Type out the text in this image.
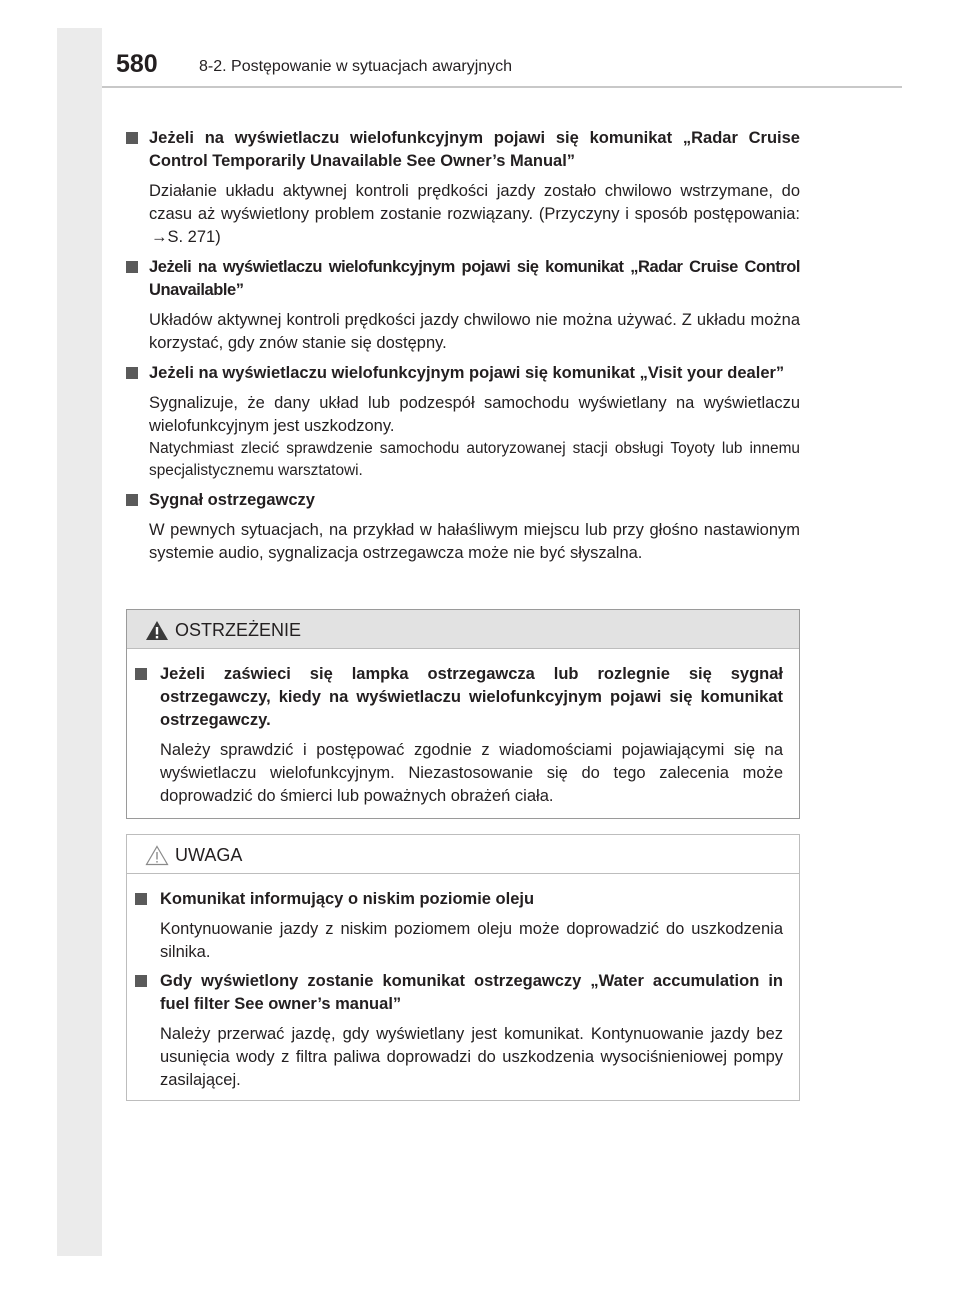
580	8-2. Postępowanie w sytuacjach awaryjnych
Jeżeli na wyświetlaczu wielofunkcyjnym pojawi się komunikat „Radar Cruise Control Temporarily Unavailable See Owner’s Manual”
Działanie układu aktywnej kontroli prędkości jazdy zostało chwilowo wstrzymane, do czasu aż wyświetlony problem zostanie rozwiązany. (Przyczyny i sposób postępowania: →S. 271)
Jeżeli na wyświetlaczu wielofunkcyjnym pojawi się komunikat „Radar Cruise Control Unavailable”
Układów aktywnej kontroli prędkości jazdy chwilowo nie można używać. Z układu można korzystać, gdy znów stanie się dostępny.
Jeżeli na wyświetlaczu wielofunkcyjnym pojawi się komunikat „Visit your dealer”
Sygnalizuje, że dany układ lub podzespół samochodu wyświetlany na wyświetlaczu wielofunkcyjnym jest uszkodzony.
Natychmiast zlecić sprawdzenie samochodu autoryzowanej stacji obsługi Toyoty lub innemu specjalistycznemu warsztatowi.
Sygnał ostrzegawczy
W pewnych sytuacjach, na przykład w hałaśliwym miejscu lub przy głośno nastawionym systemie audio, sygnalizacja ostrzegawcza może nie być słyszalna.
OSTRZEŻENIE
Jeżeli zaświeci się lampka ostrzegawcza lub rozlegnie się sygnał ostrzegawczy, kiedy na wyświetlaczu wielofunkcyjnym pojawi się komunikat ostrzegawczy.
Należy sprawdzić i postępować zgodnie z wiadomościami pojawiającymi się na wyświetlaczu wielofunkcyjnym. Niezastosowanie się do tego zalecenia może doprowadzić do śmierci lub poważnych obrażeń ciała.
UWAGA
Komunikat informujący o niskim poziomie oleju
Kontynuowanie jazdy z niskim poziomem oleju może doprowadzić do uszkodzenia silnika.
Gdy wyświetlony zostanie komunikat ostrzegawczy „Water accumulation in fuel filter See owner’s manual”
Należy przerwać jazdę, gdy wyświetlany jest komunikat. Kontynuowanie jazdy bez usunięcia wody z filtra paliwa doprowadzi do uszkodzenia wysociśnieniowej pompy zasilającej.
